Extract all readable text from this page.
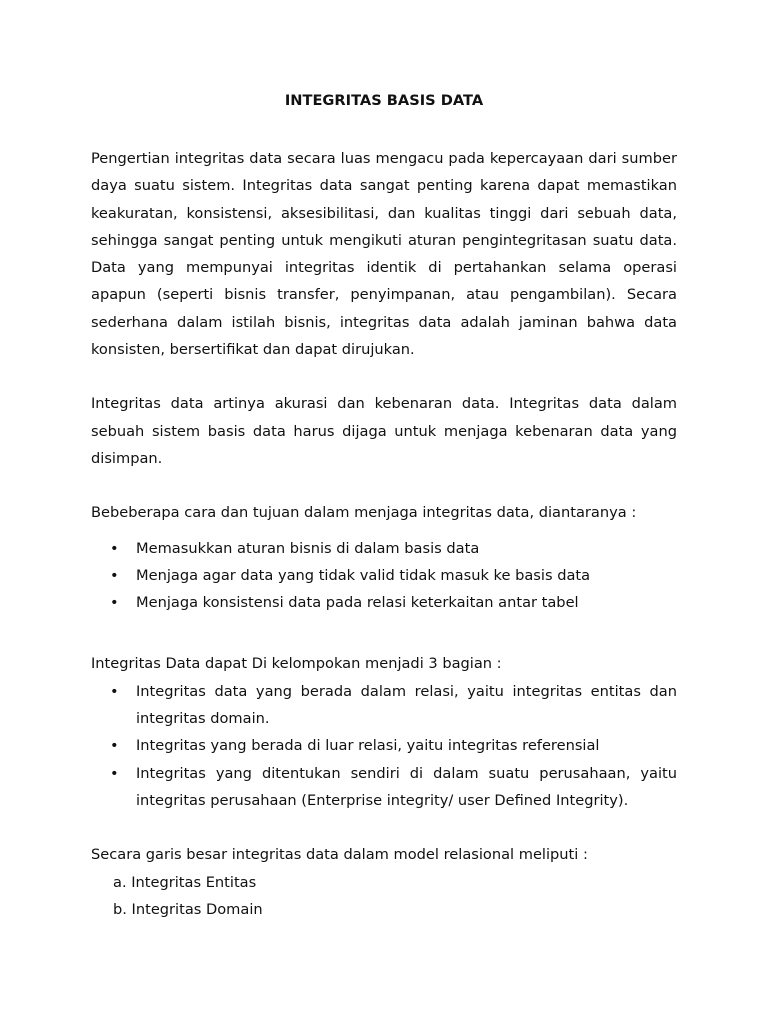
INTEGRITAS BASIS DATA

Pengertian integritas data secara luas mengacu pada kepercayaan dari sumber daya suatu sistem. Integritas data sangat penting karena dapat memastikan keakuratan, konsistensi, aksesibilitasi, dan kualitas tinggi dari sebuah data, sehingga sangat penting untuk mengikuti aturan pengintegritasan suatu data. Data yang mempunyai integritas identik di pertahankan selama operasi apapun (seperti bisnis transfer, penyimpanan, atau pengambilan). Secara sederhana dalam istilah bisnis, integritas data adalah jaminan bahwa data konsisten, bersertifikat dan dapat dirujukan.

Integritas data artinya akurasi dan kebenaran data. Integritas data dalam sebuah sistem basis data harus dijaga untuk menjaga kebenaran data yang disimpan.

Bebeberapa cara dan tujuan dalam menjaga integritas data, diantaranya :

• Memasukkan aturan bisnis di dalam basis data
• Menjaga agar data yang tidak valid tidak masuk ke basis data
• Menjaga konsistensi data pada relasi keterkaitan antar tabel

Integritas Data dapat Di kelompokan menjadi 3 bagian :

• Integritas data yang berada dalam relasi, yaitu integritas entitas dan integritas domain.
• Integritas yang berada di luar relasi, yaitu integritas referensial
• Integritas yang ditentukan sendiri di dalam suatu perusahaan, yaitu integritas perusahaan (Enterprise integrity/ user Defined Integrity).

Secara garis besar integritas data dalam model relasional meliputi :

a. Integritas Entitas
b. Integritas Domain
